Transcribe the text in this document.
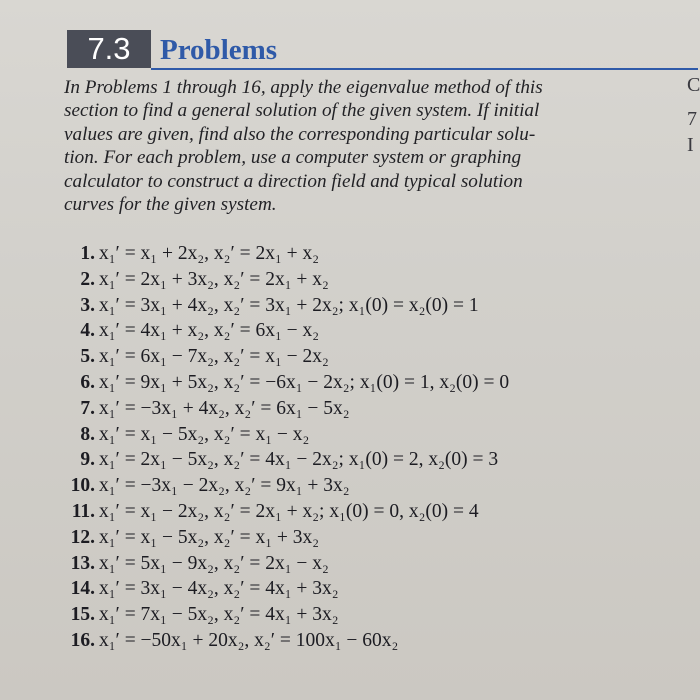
7.3	Problems
In Problems 1 through 16, apply the eigenvalue method of this
section to find a general solution of the given system. If initial
values are given, find also the corresponding particular solu-
tion. For each problem, use a computer system or graphing
calculator to construct a direction field and typical solution
curves for the given system.
1. x₁′ = x₁ + 2x₂, x₂′ = 2x₁ + x₂
2. x₁′ = 2x₁ + 3x₂, x₂′ = 2x₁ + x₂
3. x₁′ = 3x₁ + 4x₂, x₂′ = 3x₁ + 2x₂; x₁(0) = x₂(0) = 1
4. x₁′ = 4x₁ + x₂, x₂′ = 6x₁ − x₂
5. x₁′ = 6x₁ − 7x₂, x₂′ = x₁ − 2x₂
6. x₁′ = 9x₁ + 5x₂, x₂′ = −6x₁ − 2x₂; x₁(0) = 1, x₂(0) = 0
7. x₁′ = −3x₁ + 4x₂, x₂′ = 6x₁ − 5x₂
8. x₁′ = x₁ − 5x₂, x₂′ = x₁ − x₂
9. x₁′ = 2x₁ − 5x₂, x₂′ = 4x₁ − 2x₂; x₁(0) = 2, x₂(0) = 3
10. x₁′ = −3x₁ − 2x₂, x₂′ = 9x₁ + 3x₂
11. x₁′ = x₁ − 2x₂, x₂′ = 2x₁ + x₂; x₁(0) = 0, x₂(0) = 4
12. x₁′ = x₁ − 5x₂, x₂′ = x₁ + 3x₂
13. x₁′ = 5x₁ − 9x₂, x₂′ = 2x₁ − x₂
14. x₁′ = 3x₁ − 4x₂, x₂′ = 4x₁ + 3x₂
15. x₁′ = 7x₁ − 5x₂, x₂′ = 4x₁ + 3x₂
16. x₁′ = −50x₁ + 20x₂, x₂′ = 100x₁ − 60x₂
C
7
I
